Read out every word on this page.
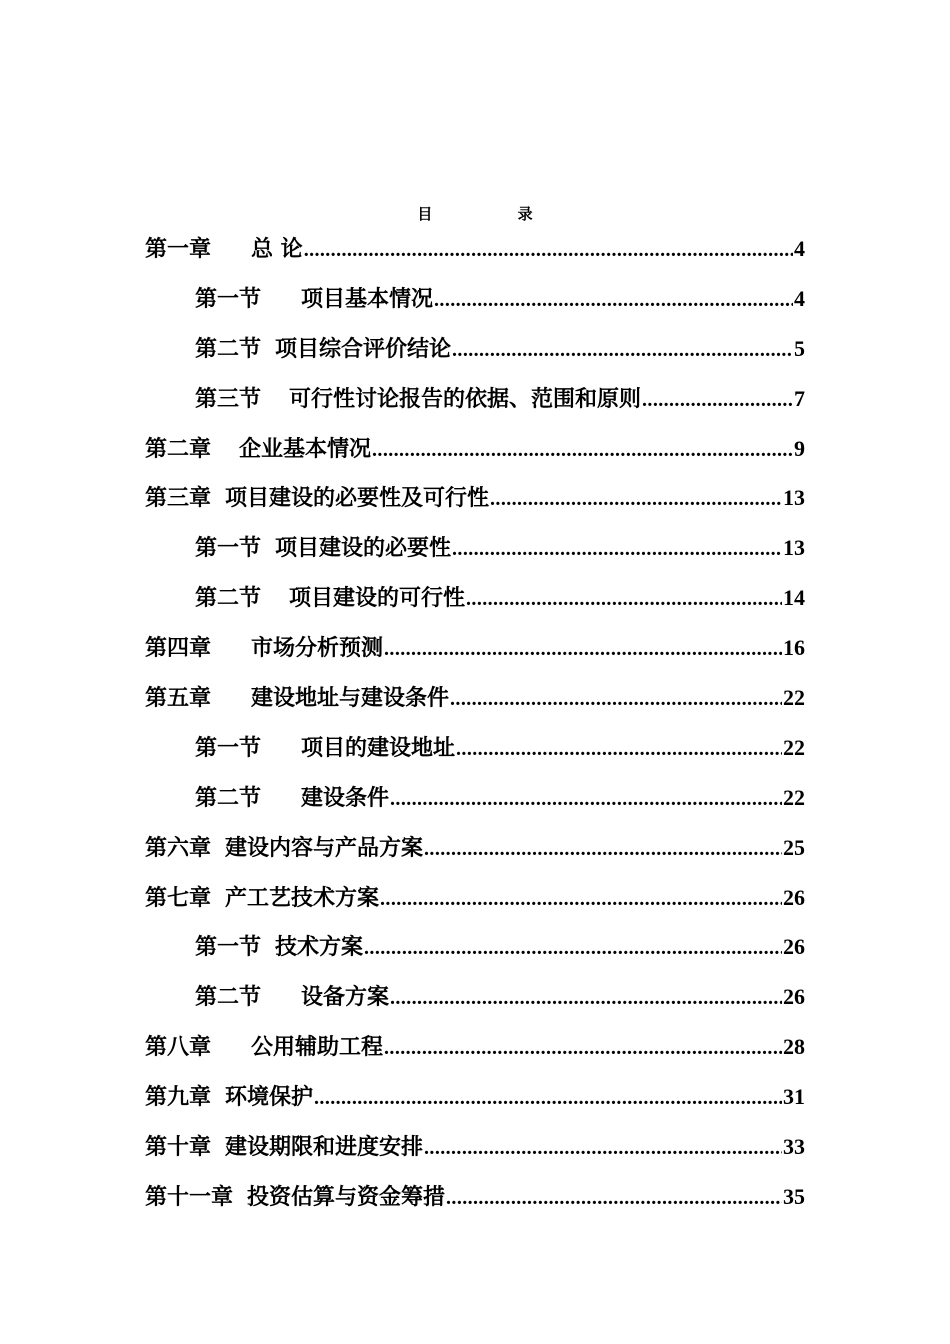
目 录
第一章 总 论 .....	4
第一节 项目基本情况 .....	4
第二节 项目综合评价结论 .....	5
第三节 可行性讨论报告的依据、范围和原则 .....	7
第二章 企业基本情况 .....	9
第三章 项目建设的必要性及可行性 .....	13
第一节 项目建设的必要性 .....	13
第二节 项目建设的可行性 .....	14
第四章 市场分析预测 .....	16
第五章 建设地址与建设条件 .....	22
第一节 项目的建设地址 .....	22
第二节 建设条件 .....	22
第六章 建设内容与产品方案 .....	25
第七章 产工艺技术方案 .....	26
第一节 技术方案 .....	26
第二节 设备方案 .....	26
第八章 公用辅助工程 .....	28
第九章 环境保护 .....	31
第十章 建设期限和进度安排 .....	33
第十一章 投资估算与资金筹措 .....	35
